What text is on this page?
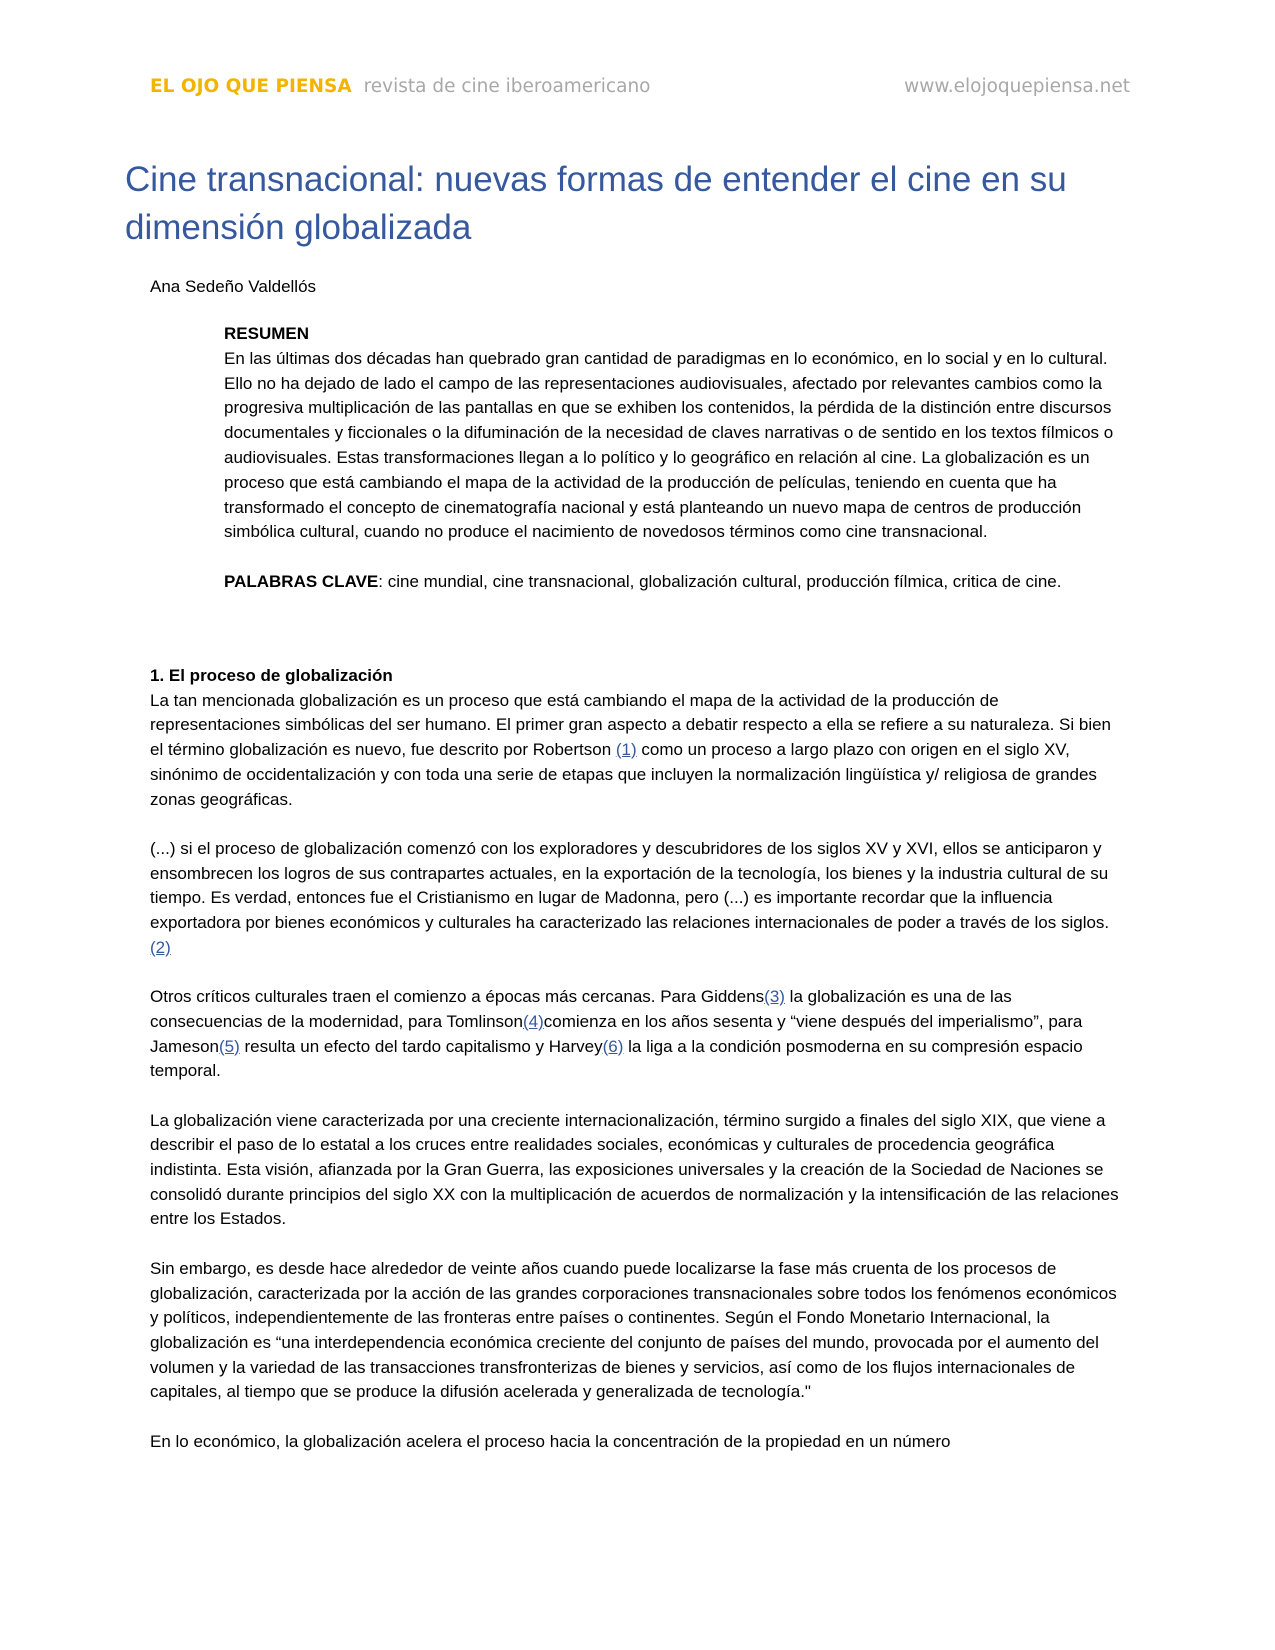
EL OJO QUE PIENSA revista de cine iberoamericano	www.elojoquepiensa.net
Cine transnacional: nuevas formas de entender el cine en su dimensión globalizada
Ana Sedeño Valdellós
RESUMEN
En las últimas dos décadas han quebrado gran cantidad de paradigmas en lo económico, en lo social y en lo cultural. Ello no ha dejado de lado el campo de las representaciones audiovisuales, afectado por relevantes cambios como la progresiva multiplicación de las pantallas en que se exhiben los contenidos, la pérdida de la distinción entre discursos documentales y ficcionales o la difuminación de la necesidad de claves narrativas o de sentido en los textos fílmicos o audiovisuales. Estas transformaciones llegan a lo político y lo geográfico en relación al cine. La globalización es un proceso que está cambiando el mapa de la actividad de la producción de películas, teniendo en cuenta que ha transformado el concepto de cinematografía nacional y está planteando un nuevo mapa de centros de producción simbólica cultural, cuando no produce el nacimiento de novedosos términos como cine transnacional.
PALABRAS CLAVE: cine mundial, cine transnacional, globalización cultural, producción fílmica, critica de cine.
1. El proceso de globalización

La tan mencionada globalización es un proceso que está cambiando el mapa de la actividad de la producción de representaciones simbólicas del ser humano. El primer gran aspecto a debatir respecto a ella se refiere a su naturaleza. Si bien el término globalización es nuevo, fue descrito por Robertson (1) como un proceso a largo plazo con origen en el siglo XV, sinónimo de occidentalización y con toda una serie de etapas que incluyen la normalización lingüística y/ religiosa de grandes zonas geográficas.

(...) si el proceso de globalización comenzó con los exploradores y descubridores de los siglos XV y XVI, ellos se anticiparon y ensombrecen los logros de sus contrapartes actuales, en la exportación de la tecnología, los bienes y la industria cultural de su tiempo. Es verdad, entonces fue el Cristianismo en lugar de Madonna, pero (...) es importante recordar que la influencia exportadora por bienes económicos y culturales ha caracterizado las relaciones internacionales de poder a través de los siglos.(2)

Otros críticos culturales traen el comienzo a épocas más cercanas. Para Giddens(3) la globalización es una de las consecuencias de la modernidad, para Tomlinson(4)comienza en los años sesenta y “viene después del imperialismo”, para Jameson(5) resulta un efecto del tardo capitalismo y Harvey(6) la liga a la condición posmoderna en su compresión espacio temporal.

La globalización viene caracterizada por una creciente internacionalización, término surgido a finales del siglo XIX, que viene a describir el paso de lo estatal a los cruces entre realidades sociales, económicas y culturales de procedencia geográfica indistinta. Esta visión, afianzada por la Gran Guerra, las exposiciones universales y la creación de la Sociedad de Naciones se consolidó durante principios del siglo XX con la multiplicación de acuerdos de normalización y la intensificación de las relaciones entre los Estados.

Sin embargo, es desde hace alrededor de veinte años cuando puede localizarse la fase más cruenta de los procesos de globalización, caracterizada por la acción de las grandes corporaciones transnacionales sobre todos los fenómenos económicos y políticos, independientemente de las fronteras entre países o continentes. Según el Fondo Monetario Internacional, la globalización es “una interdependencia económica creciente del conjunto de países del mundo, provocada por el aumento del volumen y la variedad de las transacciones transfronterizas de bienes y servicios, así como de los flujos internacionales de capitales, al tiempo que se produce la difusión acelerada y generalizada de tecnología."

En lo económico, la globalización acelera el proceso hacia la concentración de la propiedad en un número
